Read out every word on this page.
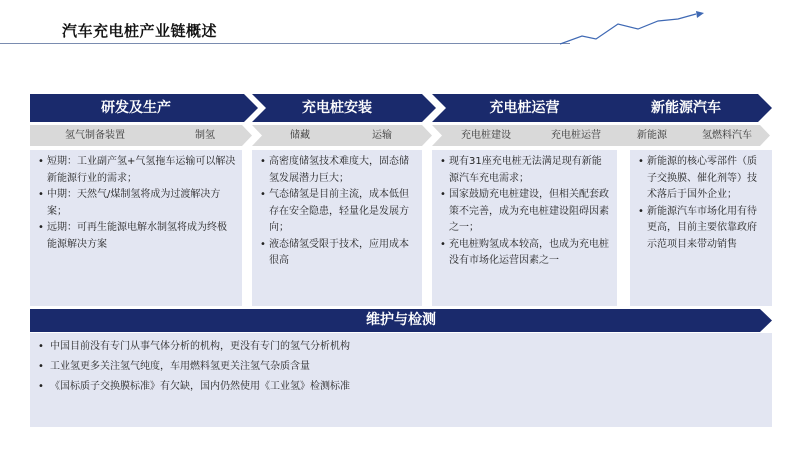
汽车充电桩产业链概述
研发及生产
氢气制备装置	制氢
• 短期：工业副产氢+气氢拖车运输可以解决新能源行业的需求；
• 中期：天然气/煤制氢将成为过渡解决方案；
• 远期：可再生能源电解水制氢将成为终极能源解决方案
充电桩安装
储藏	运输
• 高密度储氢技术难度大，固态储氢发展潜力巨大；
• 气态储氢是目前主流，成本低但存在安全隐患，轻量化是发展方向；
• 液态储氢受限于技术，应用成本很高
充电桩运营
充电桩建设	充电桩运营
• 现有31座充电桩无法满足现有新能源汽车充电需求；
• 国家鼓励充电桩建设，但相关配套政策不完善，成为充电桩建设阻碍因素之一；
• 充电桩购氢成本较高，也成为充电桩没有市场化运营因素之一
新能源汽车
新能源	氢燃料汽车
• 新能源的核心零部件（质子交换膜、催化剂等）技术落后于国外企业；
• 新能源汽车市场化用有待更高，目前主要依靠政府示范项目来带动销售
维护与检测
• 中国目前没有专门从事气体分析的机构，更没有专门的氢气分析机构
• 工业氢更多关注氢气纯度，车用燃料氢更关注氢气杂质含量
• 《国标质子交换膜标准》有欠缺，国内仍然使用《工业氢》检测标准
